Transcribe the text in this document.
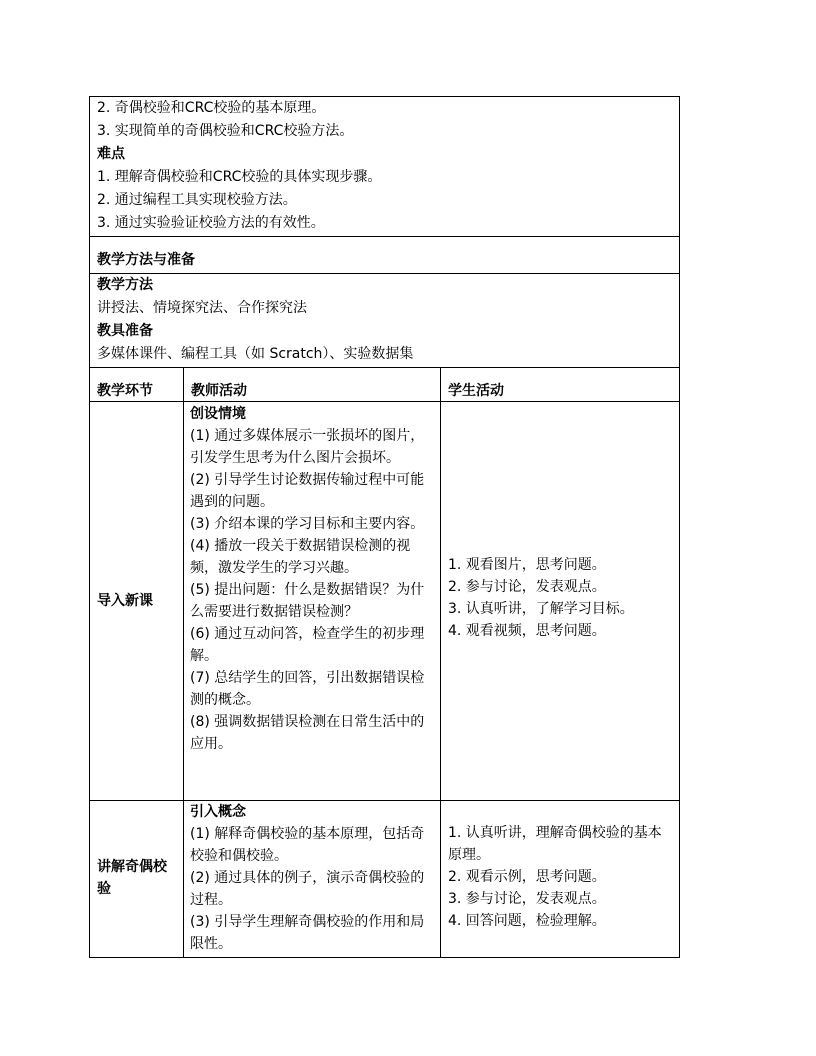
2. 奇偶校验和CRC校验的基本原理。
3. 实现简单的奇偶校验和CRC校验方法。
难点
1. 理解奇偶校验和CRC校验的具体实现步骤。
2. 通过编程工具实现校验方法。
3. 通过实验验证校验方法的有效性。
教学方法与准备
教学方法
讲授法、情境探究法、合作探究法
教具准备
多媒体课件、编程工具（如 Scratch）、实验数据集
教学环节	教师活动	学生活动
导入新课

创设情境

(1) 通过多媒体展示一张损坏的图片，引发学生思考为什么图片会损坏。

(2) 引导学生讨论数据传输过程中可能遇到的问题。

(3) 介绍本课的学习目标和主要内容。

(4) 播放一段关于数据错误检测的视频，激发学生的学习兴趣。

(5) 提出问题：什么是数据错误？为什么需要进行数据错误检测？

(6) 通过互动问答，检查学生的初步理解。

(7) 总结学生的回答，引出数据错误检测的概念。

(8) 强调数据错误检测在日常生活中的应用。

1. 观看图片，思考问题。

2. 参与讨论，发表观点。

3. 认真听讲，了解学习目标。

4. 观看视频，思考问题。

讲解奇偶校验

引入概念

(1) 解释奇偶校验的基本原理，包括奇校验和偶校验。

(2) 通过具体的例子，演示奇偶校验的过程。

(3) 引导学生理解奇偶校验的作用和局限性。

1. 认真听讲，理解奇偶校验的基本原理。

2. 观看示例，思考问题。

3. 参与讨论，发表观点。

4. 回答问题，检验理解。
